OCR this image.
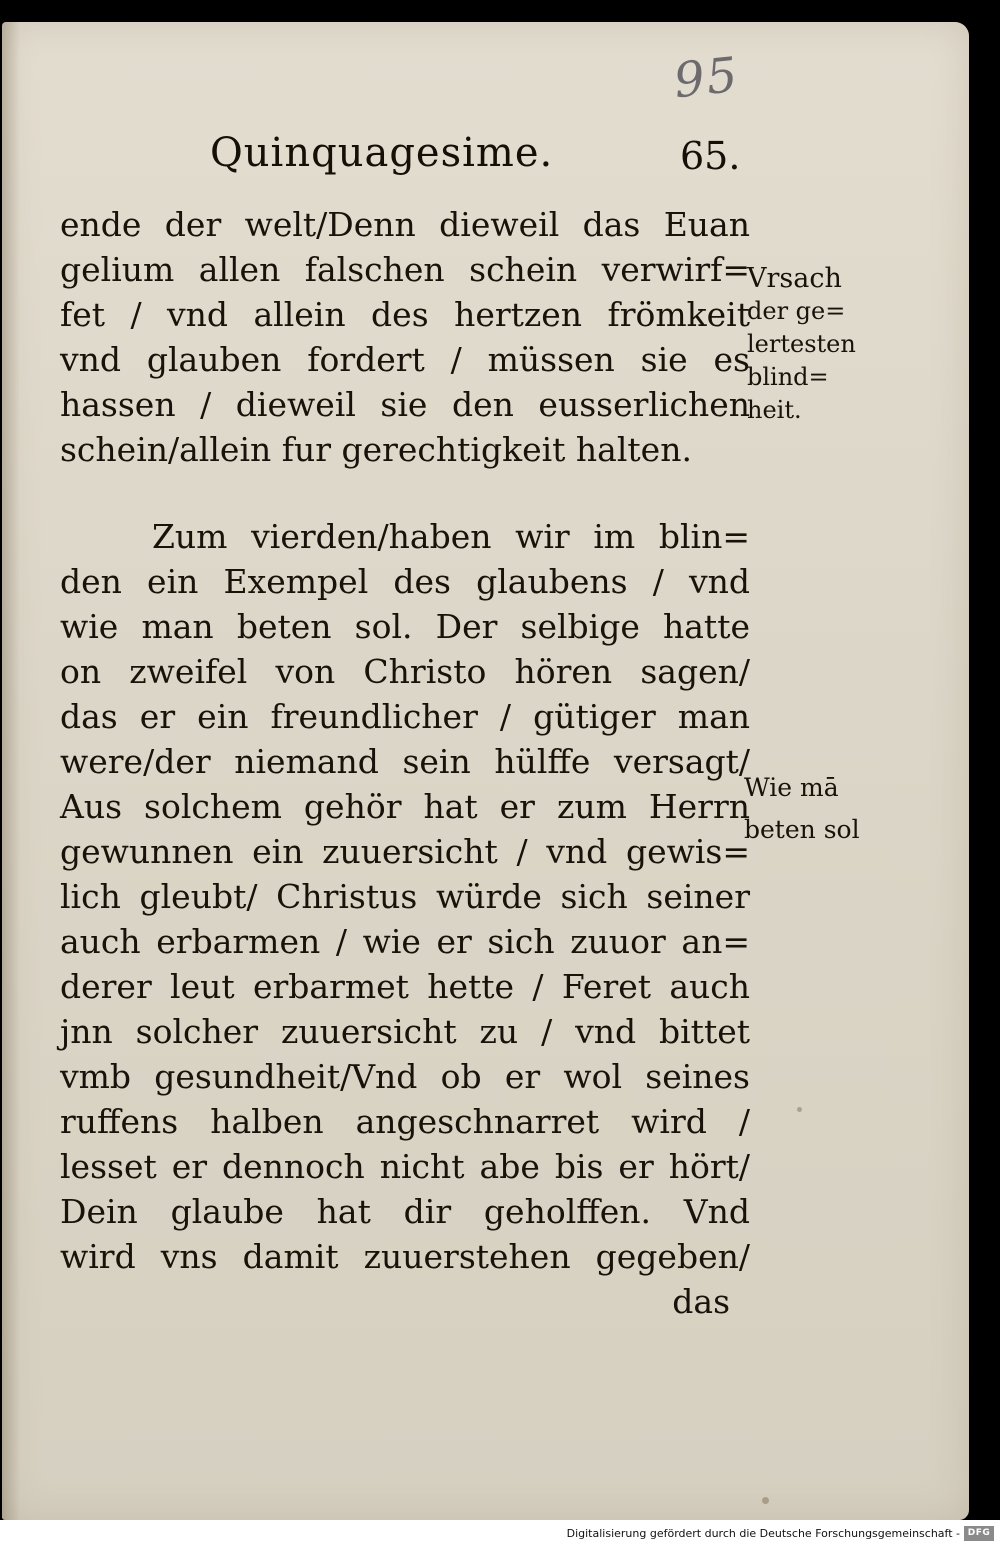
95
Quinquagesime.	65.
ende der welt/Denn dieweil das Euan
gelium allen falschen schein verwirf=
fet / vnd allein des hertzen frömkeit
vnd glauben fordert / müssen sie es
hassen / dieweil sie den eusserlichen
schein/allein fur gerechtigkeit halten.
Zum vierden/haben wir im blin=
den ein Exempel des glaubens / vnd
wie man beten sol. Der selbige hatte
on zweifel von Christo hören sagen/
das er ein freundlicher / gütiger man
were/der niemand sein hülffe versagt/
Aus solchem gehör hat er zum Herrn
gewunnen ein zuuersicht / vnd gewis=
lich gleubt/ Christus würde sich seiner
auch erbarmen / wie er sich zuuor an=
derer leut erbarmet hette / Feret auch
jnn solcher zuuersicht zu / vnd bittet
vmb gesundheit/Vnd ob er wol seines
ruffens halben angeschnarret wird /
lesset er dennoch nicht abe bis er hört/
Dein glaube hat dir geholffen. Vnd
wird vns damit zuuerstehen gegeben/
das
Vrsach
der ge=
lertesten
blind=
heit.
Wie mā
beten sol
Digitalisierung gefördert durch die Deutsche Forschungsgemeinschaft - DFG
